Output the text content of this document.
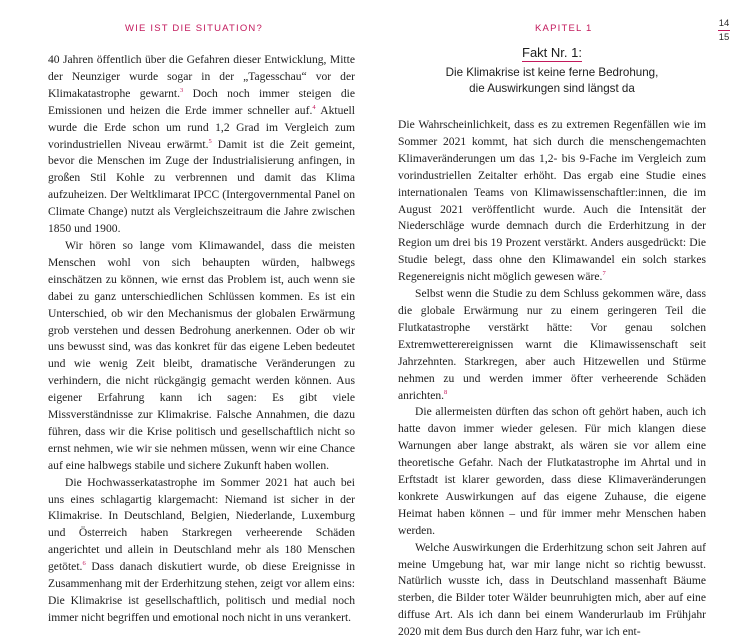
WIE IST DIE SITUATION?	KAPITEL 1	14
15

40 Jahren öffentlich über die Gefahren dieser Entwicklung, Mitte der Neunziger wurde sogar in der „Tagesschau“ vor der Klimakatastrophe gewarnt.$^3$ Doch noch immer steigen die Emissionen und heizen die Erde immer schneller auf.$^4$ Aktuell wurde die Erde schon um rund 1,2 Grad im Vergleich zum vorindustriellen Niveau erwärmt.$^5$ Damit ist die Zeit gemeint, bevor die Menschen im Zuge der Industrialisierung anfingen, in großen Stil Kohle zu verbrennen und damit das Klima aufzuheizen. Der Weltklimarat IPCC (Intergovernmental Panel on Climate Change) nutzt als Vergleichszeitraum die Jahre zwischen 1850 und 1900.

Wir hören so lange vom Klimawandel, dass die meisten Menschen wohl von sich behaupten würden, halbwegs einschätzen zu können, wie ernst das Problem ist, auch wenn sie dabei zu ganz unterschiedlichen Schlüssen kommen. Es ist ein Unterschied, ob wir den Mechanismus der globalen Erwärmung grob verstehen und dessen Bedrohung anerkennen. Oder ob wir uns bewusst sind, was das konkret für das eigene Leben bedeutet und wie wenig Zeit bleibt, dramatische Veränderungen zu verhindern, die nicht rückgängig gemacht werden können. Aus eigener Erfahrung kann ich sagen: Es gibt viele Missverständnisse zur Klimakrise. Falsche Annahmen, die dazu führen, dass wir die Krise politisch und gesellschaftlich nicht so ernst nehmen, wie wir sie nehmen müssen, wenn wir eine Chance auf eine halbwegs stabile und sichere Zukunft haben wollen.

Die Hochwasserkatastrophe im Sommer 2021 hat auch bei uns eines schlagartig klargemacht: Niemand ist sicher in der Klimakrise. In Deutschland, Belgien, Niederlande, Luxemburg und Österreich haben Starkregen verheerende Schäden angerichtet und allein in Deutschland mehr als 180 Menschen getötet.$^6$ Dass danach diskutiert wurde, ob diese Ereignisse in Zusammenhang mit der Erderhitzung stehen, zeigt vor allem eins: Die Klimakrise ist gesellschaftlich, politisch und medial noch immer nicht begriffen und emotional noch nicht in uns verankert.

Fakt Nr. 1:
Die Klimakrise ist keine ferne Bedrohung,
die Auswirkungen sind längst da

Die Wahrscheinlichkeit, dass es zu extremen Regenfällen wie im Sommer 2021 kommt, hat sich durch die menschengemachten Klimaveränderungen um das 1,2- bis 9-Fache im Vergleich zum vorindustriellen Zeitalter erhöht. Das ergab eine Studie eines internationalen Teams von Klimawissenschaftler:innen, die im August 2021 veröffentlicht wurde. Auch die Intensität der Niederschläge wurde demnach durch die Erderhitzung in der Region um drei bis 19 Prozent verstärkt. Anders ausgedrückt: Die Studie belegt, dass ohne den Klimawandel ein solch starkes Regenereignis nicht möglich gewesen wäre.$^7$

Selbst wenn die Studie zu dem Schluss gekommen wäre, dass die globale Erwärmung nur zu einem geringeren Teil die Flutkatastrophe verstärkt hätte: Vor genau solchen Extremwetterereignissen warnt die Klimawissenschaft seit Jahrzehnten. Starkregen, aber auch Hitzewellen und Stürme nehmen zu und werden immer öfter verheerende Schäden anrichten.$^8$

Die allermeisten dürften das schon oft gehört haben, auch ich hatte davon immer wieder gelesen. Für mich klangen diese Warnungen aber lange abstrakt, als wären sie vor allem eine theoretische Gefahr. Nach der Flutkatastrophe im Ahrtal und in Erftstadt ist klarer geworden, dass diese Klimaveränderungen konkrete Auswirkungen auf das eigene Zuhause, die eigene Heimat haben können – und für immer mehr Menschen haben werden.

Welche Auswirkungen die Erderhitzung schon seit Jahren auf meine Umgebung hat, war mir lange nicht so richtig bewusst. Natürlich wusste ich, dass in Deutschland massenhaft Bäume sterben, die Bilder toter Wälder beunruhigten mich, aber auf eine diffuse Art. Als ich dann bei einem Wanderurlaub im Frühjahr 2020 mit dem Bus durch den Harz fuhr, war ich ent-
